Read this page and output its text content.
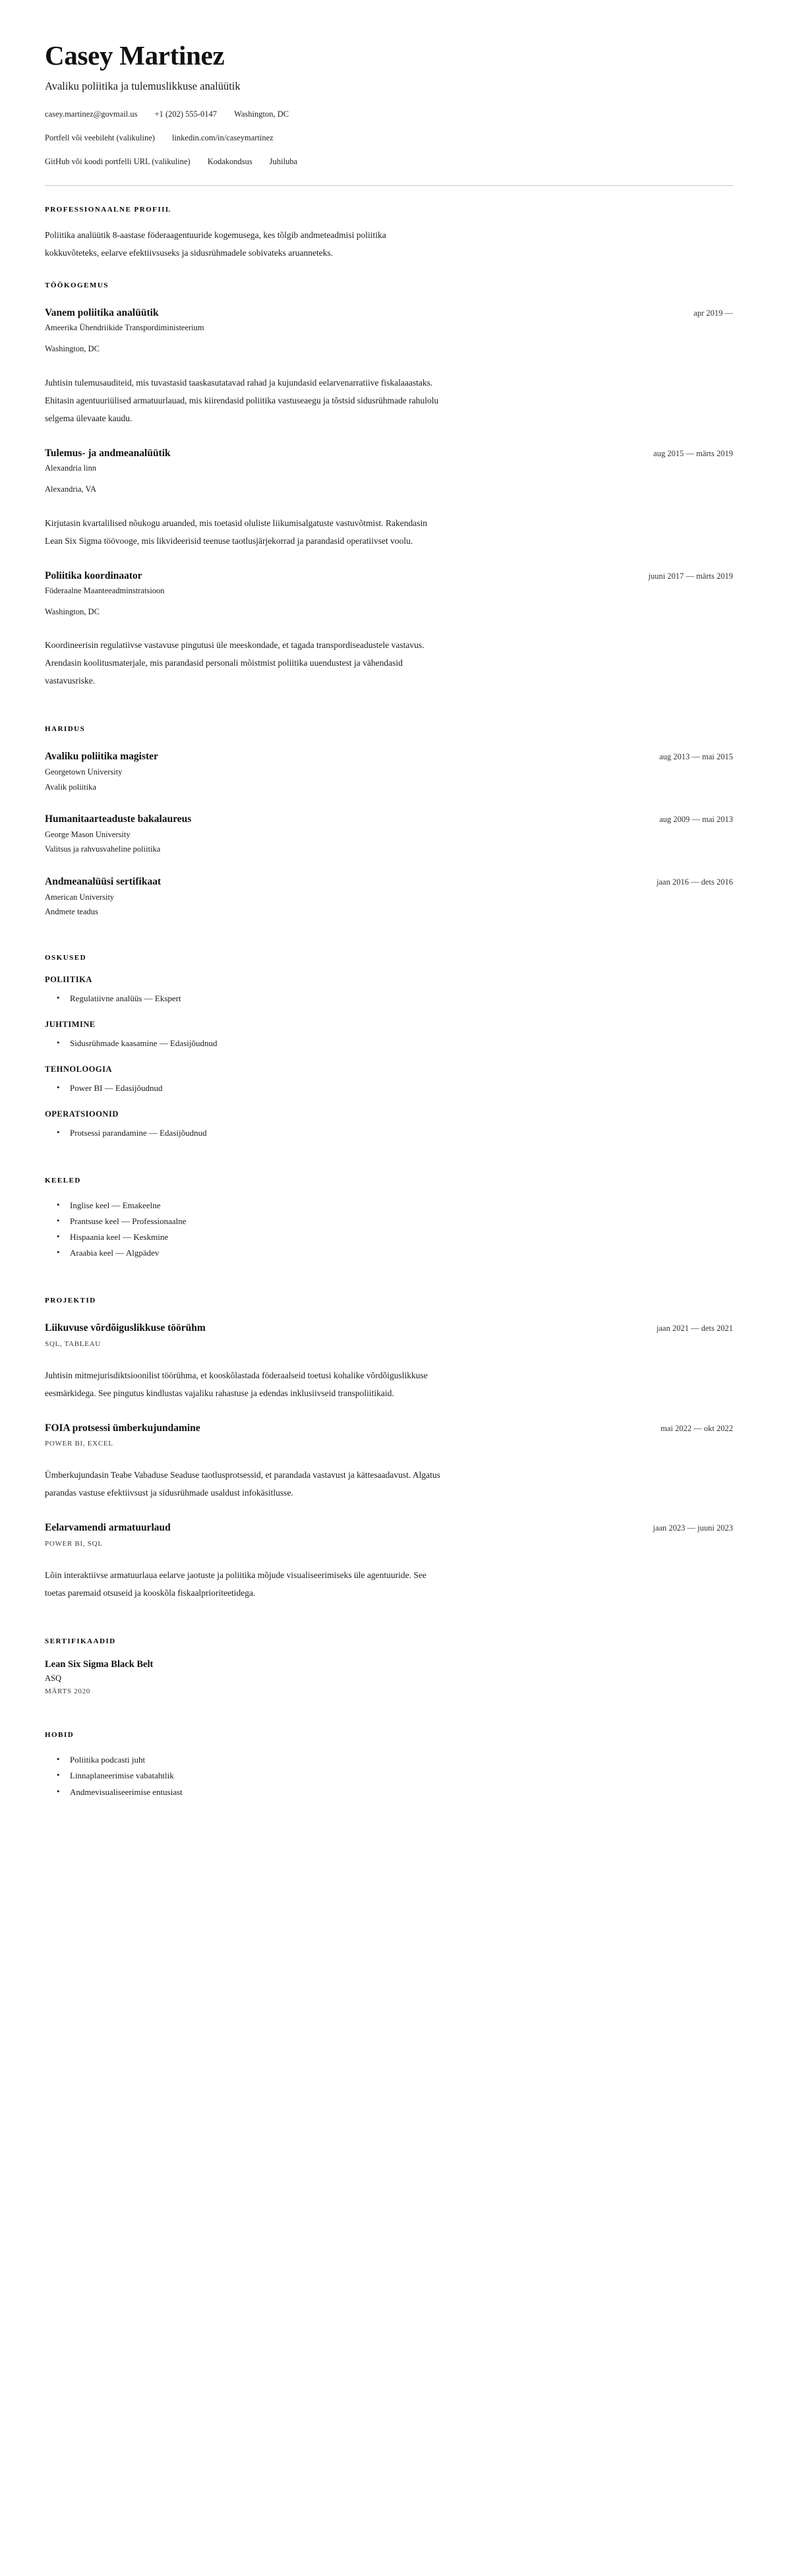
Casey Martinez
Avaliku poliitika ja tulemuslikkuse analüütik
casey.martinez@govmail.us +1 (202) 555-0147 Washington, DC
Portfell või veebileht (valikuline) linkedin.com/in/caseymartinez
GitHub või koodi portfelli URL (valikuline) Kodakondsus Juhiluba
PROFESSIONAALNE PROFIIL

Poliitika analüütik 8-aastase föderaagentuuride kogemusega, kes tõlgib andmeteadmisi poliitika kokkuvõteteks, eelarve efektiivsuseks ja sidusrühmadele sobivateks aruanneteks.

TÖÖKOGEMUS
Vanem poliitika analüütik	apr 2019 —
Ameerika Ühendriikide Transpordiministeerium
Washington, DC

Juhtisin tulemusauditeid, mis tuvastasid taaskasutatavad rahad ja kujundasid eelarvenarratiive fiskalaaastaks. Ehitasin agentuuriülised armatuurlauad, mis kiirendasid poliitika vastuseaegu ja tõstsid sidusrühmade rahulolu selgema ülevaate kaudu.

Tulemus- ja andmeanalüütik	aug 2015 — märts 2019
Alexandria linn
Alexandria, VA

Kirjutasin kvartalilised nõukogu aruanded, mis toetasid oluliste liikumisalgatuste vastuvõtmist. Rakendasin Lean Six Sigma töövooge, mis likvideerisid teenuse taotlusjärjekorrad ja parandasid operatiivset voolu.

Poliitika koordinaator	juuni 2017 — märts 2019
Föderaalne Maanteeadminstratsioon
Washington, DC

Koordineerisin regulatiivse vastavuse pingutusi üle meeskondade, et tagada transpordiseadustele vastavus. Arendasin koolitusmaterjale, mis parandasid personali mõistmist poliitika uuendustest ja vähendasid vastavusriske.

HARIDUS
Avaliku poliitika magister	aug 2013 — mai 2015
Georgetown University
Avalik poliitika
Humanitaarteaduste bakalaureus	aug 2009 — mai 2013
George Mason University
Valitsus ja rahvusvaheline poliitika
Andmeanalüüsi sertifikaat	jaan 2016 — dets 2016
American University
Andmete teadus
OSKUSED
POLIITIKA
• Regulatiivne analüüs — Ekspert
JUHTIMINE
• Sidusrühmade kaasamine — Edasijõudnud
TEHNOLOOGIA
• Power BI — Edasijõudnud
OPERATSIOONID
• Protsessi parandamine — Edasijõudnud
KEELED
• Inglise keel — Emakeelne
• Prantsuse keel — Professionaalne
• Hispaania keel — Keskmine
• Araabia keel — Algpädev
PROJEKTID
Liikuvuse võrdõiguslikkuse töörühm	jaan 2021 — dets 2021
SQL, TABLEAU

Juhtisin mitmejurisdiktsioonilist töörühma, et kooskõlastada föderaalseid toetusi kohalike võrdõiguslikkuse eesmärkidega. See pingutus kindlustas vajaliku rahastuse ja edendas inklusiivseid transpoliitikaid.

FOIA protsessi ümberkujundamine	mai 2022 — okt 2022
POWER BI, EXCEL

Ümberkujundasin Teabe Vabaduse Seaduse taotlusprotsessid, et parandada vastavust ja kättesaadavust. Algatus parandas vastuse efektiivsust ja sidusrühmade usaldust infokäsitlusse.

Eelarvamendi armatuurlaud	jaan 2023 — juuni 2023
POWER BI, SQL

Lõin interaktiivse armatuurlaua eelarve jaotuste ja poliitika mõjude visualiseerimiseks üle agentuuride. See toetas paremaid otsuseid ja kooskõla fiskaalprioriteetidega.

SERTIFIKAADID
Lean Six Sigma Black Belt
ASQ
MÄRTS 2020
HOBID
• Poliitika podcasti juht
• Linnaplaneerimise vabatahtlik
• Andmevisualiseerimise entusiast
